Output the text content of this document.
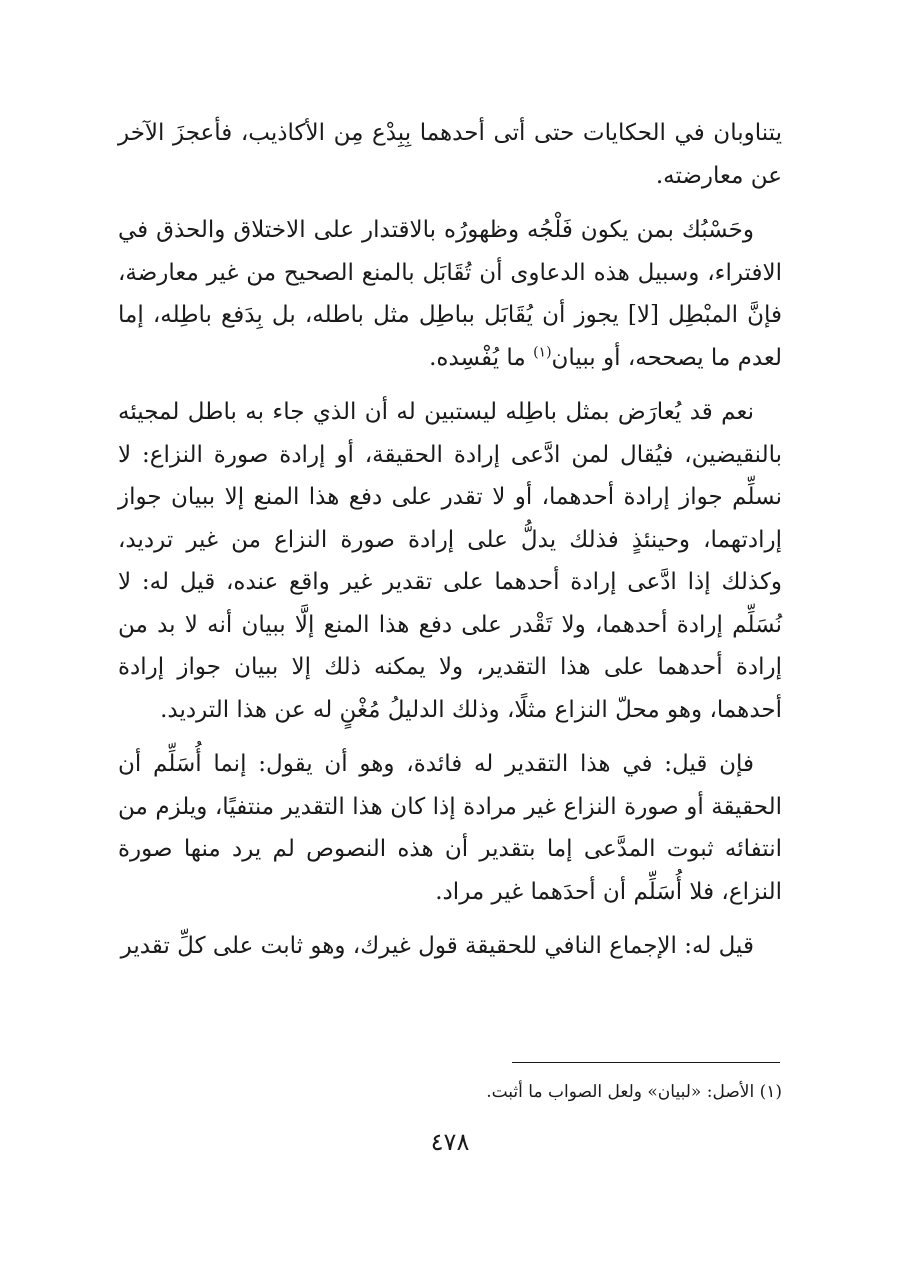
يتناوبان في الحكايات حتى أتى أحدهما بِبِدْع مِن الأكاذيب، فأعجزَ الآخر عن معارضته.

وحَسْبُك بمن يكون فَلْجُه وظهورُه بالاقتدار على الاختلاق والحذق في الافتراء، وسبيل هذه الدعاوى أن تُقَابَل بالمنع الصحيح من غير معارضة، فإنَّ المبْطِل [لا] يجوز أن يُقَابَل بباطِل مثل باطله، بل بِدَفع باطِله، إما لعدم ما يصححه، أو ببيان$^{(١)}$ ما يُفْسِده.

نعم قد يُعارَض بمثل باطِله ليستبين له أن الذي جاء به باطل لمجيئه بالنقيضين، فيُقال لمن ادَّعى إرادة الحقيقة، أو إرادة صورة النزاع: لا نسلِّم جواز إرادة أحدهما، أو لا تقدر على دفع هذا المنع إلا ببيان جواز إرادتهما، وحينئذٍ فذلك يدلُّ على إرادة صورة النزاع من غير ترديد، وكذلك إذا ادَّعى إرادة أحدهما على تقدير غير واقع عنده، قيل له: لا نُسَلِّم إرادة أحدهما، ولا تَقْدر على دفع هذا المنع إلَّا ببيان أنه لا بد من إرادة أحدهما على هذا التقدير، ولا يمكنه ذلك إلا ببيان جواز إرادة أحدهما، وهو محلّ النزاع مثلًا، وذلك الدليلُ مُغْنٍ له عن هذا الترديد.

فإن قيل: في هذا التقدير له فائدة، وهو أن يقول: إنما أُسَلِّم أن الحقيقة أو صورة النزاع غير مرادة إذا كان هذا التقدير منتفيًا، ويلزم من انتفائه ثبوت المدَّعى إما بتقدير أن هذه النصوص لم يرد منها صورة النزاع، فلا أُسَلِّم أن أحدَهما غير مراد.

قيل له: الإجماع النافي للحقيقة قول غيرك، وهو ثابت على كلِّ تقدير

(١) الأصل: «لبيان» ولعل الصواب ما أثبت.
٤٧٨
